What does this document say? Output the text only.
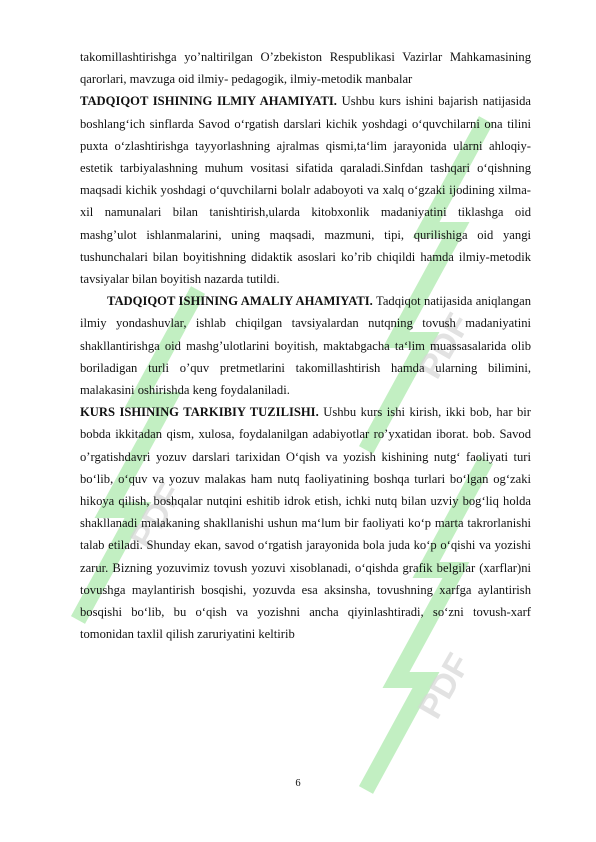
PDF
PDF
PDF

takomillashtirishga yo’naltirilgan O’zbekiston Respublikasi Vazirlar Mahkamasining qarorlari, mavzuga oid ilmiy- pedagogik, ilmiy-metodik manbalar

TADQIQOT ISHINING ILMIY AHAMIYATI. Ushbu kurs ishini bajarish natijasida boshlang‘ich sinflarda Savod o‘rgatish darslari kichik yoshdagi o‘quvchilarni ona tilini puxta o‘zlashtirishga tayyorlashning ajralmas qismi,ta‘lim jarayonida ularni ahloqiy-estetik tarbiyalashning muhum vositasi sifatida qaraladi.Sinfdan tashqari o‘qishning maqsadi kichik yoshdagi o‘quvchilarni bolalr adaboyoti va xalq o‘gzaki ijodining xilma-xil namunalari bilan tanishtirish,ularda kitobxonlik madaniyatini tiklashga oid mashg’ulot ishlanmalarini, uning maqsadi, mazmuni, tipi, qurilishiga oid yangi tushunchalari bilan boyitishning didaktik asoslari ko’rib chiqildi hamda ilmiy-metodik tavsiyalar bilan boyitish nazarda tutildi.

TADQIQOT ISHINING AMALIY AHAMIYATI. Tadqiqot natijasida aniqlangan ilmiy yondashuvlar, ishlab chiqilgan tavsiyalardan nutqning tovush madaniyatini shakllantirishga oid mashg’ulotlarini boyitish, maktabgacha ta‘lim muassasalarida olib boriladigan turli o’quv pretmetlarini takomillashtirish hamda ularning bilimini, malakasini oshirishda keng foydalaniladi.

KURS ISHINING TARKIBIY TUZILISHI. Ushbu kurs ishi kirish, ikki bob, har bir bobda ikkitadan qism, xulosa, foydalanilgan adabiyotlar ro’yxatidan iborat. bob. Savod o’rgatishdavri yozuv darslari tarixidan O‘qish va yozish kishining nutg‘ faoliyati turi bo‘lib, o‘quv va yozuv malakas ham nutq faoliyatining boshqa turlari bo‘lgan og‘zaki hikoya qilish, boshqalar nutqini eshitib idrok etish, ichki nutq bilan uzviy bog‘liq holda shakllanadi malakaning shakllanishi ushun ma‘lum bir faoliyati ko‘p marta takrorlanishi talab etiladi. Shunday ekan, savod o‘rgatish jarayonida bola juda ko‘p o‘qishi va yozishi zarur. Bizning yozuvimiz tovush yozuvi xisoblanadi, o‘qishda grafik belgilar (xarflar)ni tovushga maylantirish bosqishi, yozuvda esa aksinsha, tovushning xarfga aylantirish bosqishi bo‘lib, bu o‘qish va yozishni ancha qiyinlashtiradi, so‘zni tovush-xarf tomonidan taxlil qilish zaruriyatini keltirib

6
